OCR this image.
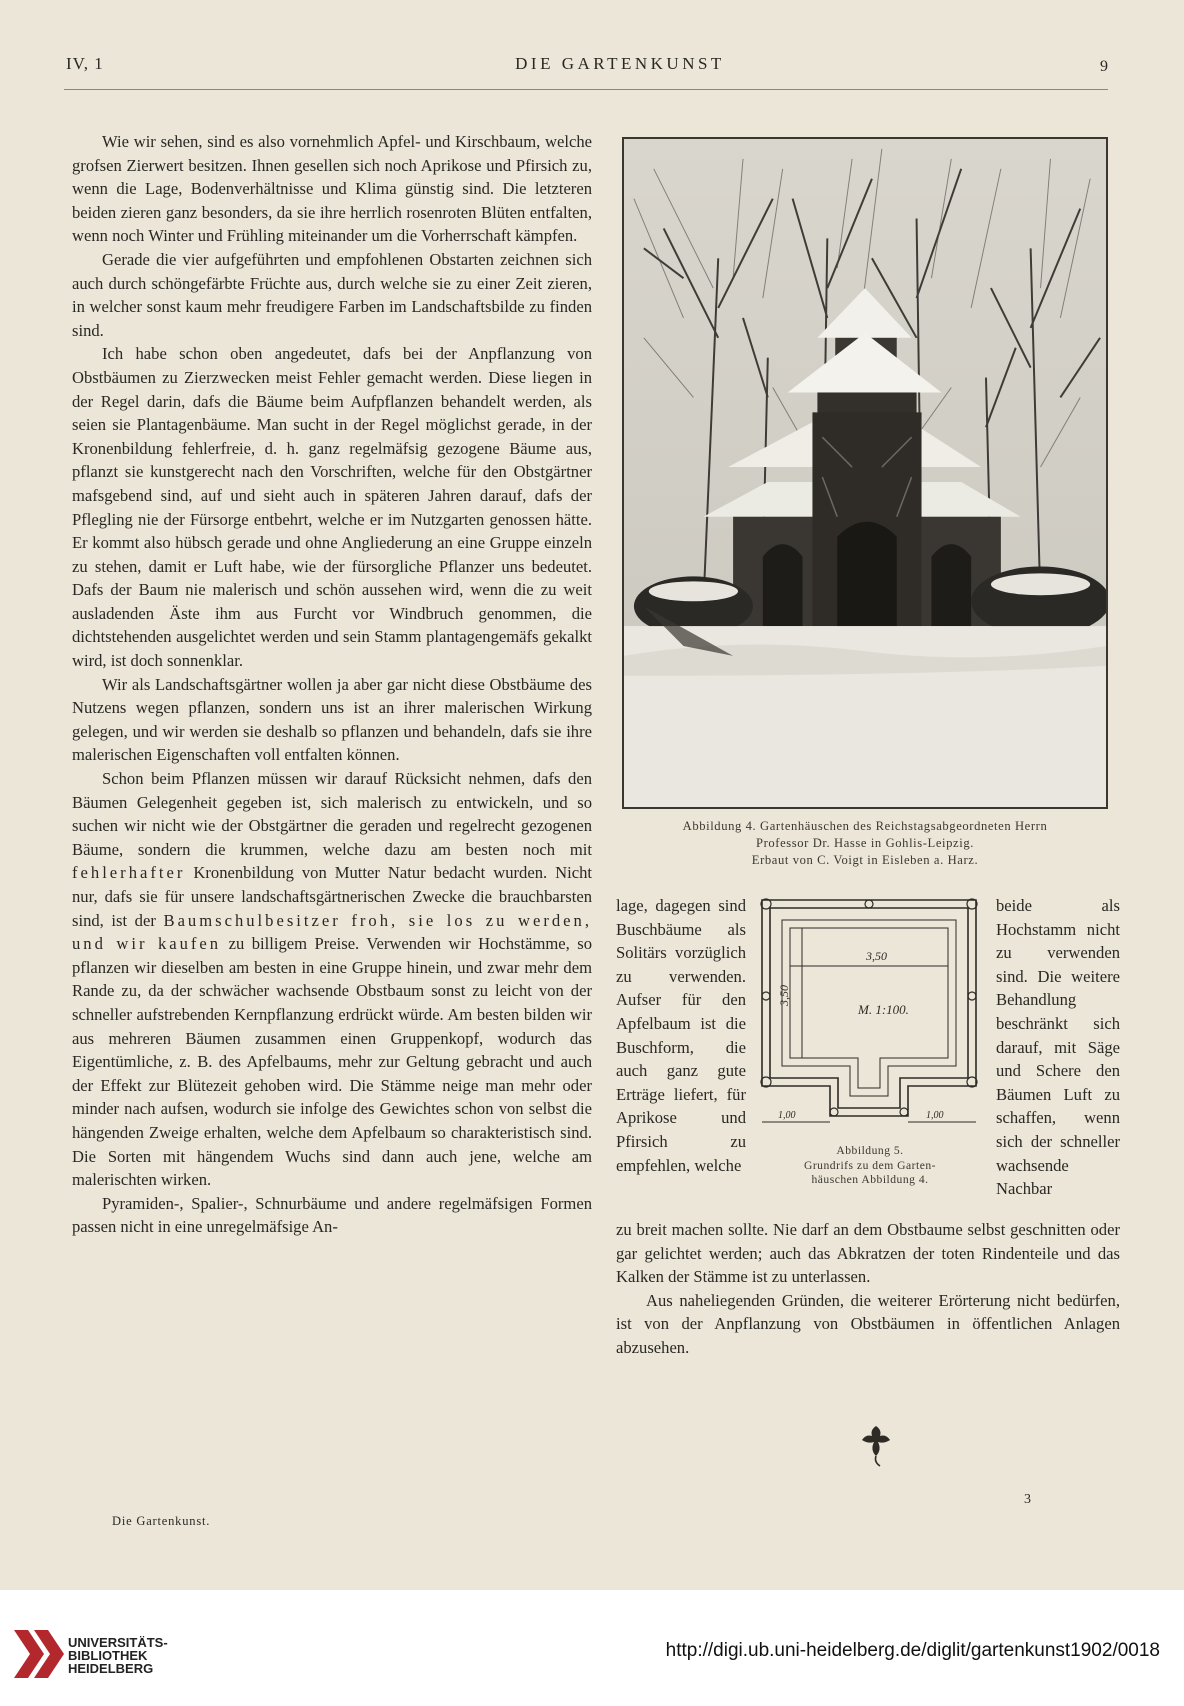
IV, 1	DIE GARTENKUNST	9

Wie wir sehen, sind es also vornehmlich Apfel- und Kirschbaum, welche grofsen Zierwert besitzen. Ihnen gesellen sich noch Aprikose und Pfirsich zu, wenn die Lage, Bodenverhältnisse und Klima günstig sind. Die letzteren beiden zieren ganz besonders, da sie ihre herrlich rosenroten Blüten entfalten, wenn noch Winter und Frühling miteinander um die Vorherrschaft kämpfen.

Gerade die vier aufgeführten und empfohlenen Obstarten zeichnen sich auch durch schöngefärbte Früchte aus, durch welche sie zu einer Zeit zieren, in welcher sonst kaum mehr freudigere Farben im Landschaftsbilde zu finden sind.

Ich habe schon oben angedeutet, dafs bei der Anpflanzung von Obstbäumen zu Zierzwecken meist Fehler gemacht werden. Diese liegen in der Regel darin, dafs die Bäume beim Aufpflanzen behandelt werden, als seien sie Plantagenbäume. Man sucht in der Regel möglichst gerade, in der Kronenbildung fehlerfreie, d. h. ganz regelmäfsig gezogene Bäume aus, pflanzt sie kunstgerecht nach den Vorschriften, welche für den Obstgärtner mafsgebend sind, auf und sieht auch in späteren Jahren darauf, dafs der Pflegling nie der Fürsorge entbehrt, welche er im Nutzgarten genossen hätte. Er kommt also hübsch gerade und ohne Angliederung an eine Gruppe einzeln zu stehen, damit er Luft habe, wie der fürsorgliche Pflanzer uns bedeutet. Dafs der Baum nie malerisch und schön aussehen wird, wenn die zu weit ausladenden Äste ihm aus Furcht vor Windbruch genommen, die dichtstehenden ausgelichtet werden und sein Stamm plantagengemäfs gekalkt wird, ist doch sonnenklar.

Wir als Landschaftsgärtner wollen ja aber gar nicht diese Obstbäume des Nutzens wegen pflanzen, sondern uns ist an ihrer malerischen Wirkung gelegen, und wir werden sie deshalb so pflanzen und behandeln, dafs sie ihre malerischen Eigenschaften voll entfalten können.

Schon beim Pflanzen müssen wir darauf Rücksicht nehmen, dafs den Bäumen Gelegenheit gegeben ist, sich malerisch zu entwickeln, und so suchen wir nicht wie der Obstgärtner die geraden und regelrecht gezogenen Bäume, sondern die krummen, welche dazu am besten noch mit fehlerhafter Kronenbildung von Mutter Natur bedacht wurden. Nicht nur, dafs sie für unsere landschaftsgärtnerischen Zwecke die brauchbarsten sind, ist der Baumschulbesitzer froh, sie los zu werden, und wir kaufen zu billigem Preise. Verwenden wir Hochstämme, so pflanzen wir dieselben am besten in eine Gruppe hinein, und zwar mehr dem Rande zu, da der schwächer wachsende Obstbaum sonst zu leicht von der schneller aufstrebenden Kernpflanzung erdrückt würde. Am besten bilden wir aus mehreren Bäumen zusammen einen Gruppenkopf, wodurch das Eigentümliche, z. B. des Apfelbaums, mehr zur Geltung gebracht und auch der Effekt zur Blütezeit gehoben wird. Die Stämme neige man mehr oder minder nach aufsen, wodurch sie infolge des Gewichtes schon von selbst die hängenden Zweige erhalten, welche dem Apfelbaum so charakteristisch sind. Die Sorten mit hängendem Wuchs sind dann auch jene, welche am malerischten wirken.

Pyramiden-, Spalier-, Schnurbäume und andere regelmäfsigen Formen passen nicht in eine unregelmäfsige An-

Abbildung 4. Gartenhäuschen des Reichstagsabgeordneten Herrn
Professor Dr. Hasse in Gohlis-Leipzig.
Erbaut von C. Voigt in Eisleben a. Harz.
lage, dagegen sind Buschbäume als Solitärs vorzüglich zu verwenden. Aufser für den Apfelbaum ist die Buschform, die auch ganz gute Erträge liefert, für Aprikose und Pfirsich zu empfehlen, welche
beide als Hochstamm nicht zu verwenden sind. Die weitere Behandlung beschränkt sich darauf, mit Säge und Schere den Bäumen Luft zu schaffen, wenn sich der schneller wachsende Nachbar
3,50
3,50
M. 1:100.
1,00	1,00
Abbildung 5.
Grundrifs zu dem Garten-
häuschen Abbildung 4.
zu breit machen sollte. Nie darf an dem Obstbaume selbst geschnitten oder gar gelichtet werden; auch das Abkratzen der toten Rindenteile und das Kalken der Stämme ist zu unterlassen.

Aus naheliegenden Gründen, die weiterer Erörterung nicht bedürfen, ist von der Anpflanzung von Obstbäumen in öffentlichen Anlagen abzusehen.

Die Gartenkunst.
3
UNIVERSITÄTS-
BIBLIOTHEK
HEIDELBERG
http://digi.ub.uni-heidelberg.de/diglit/gartenkunst1902/0018
